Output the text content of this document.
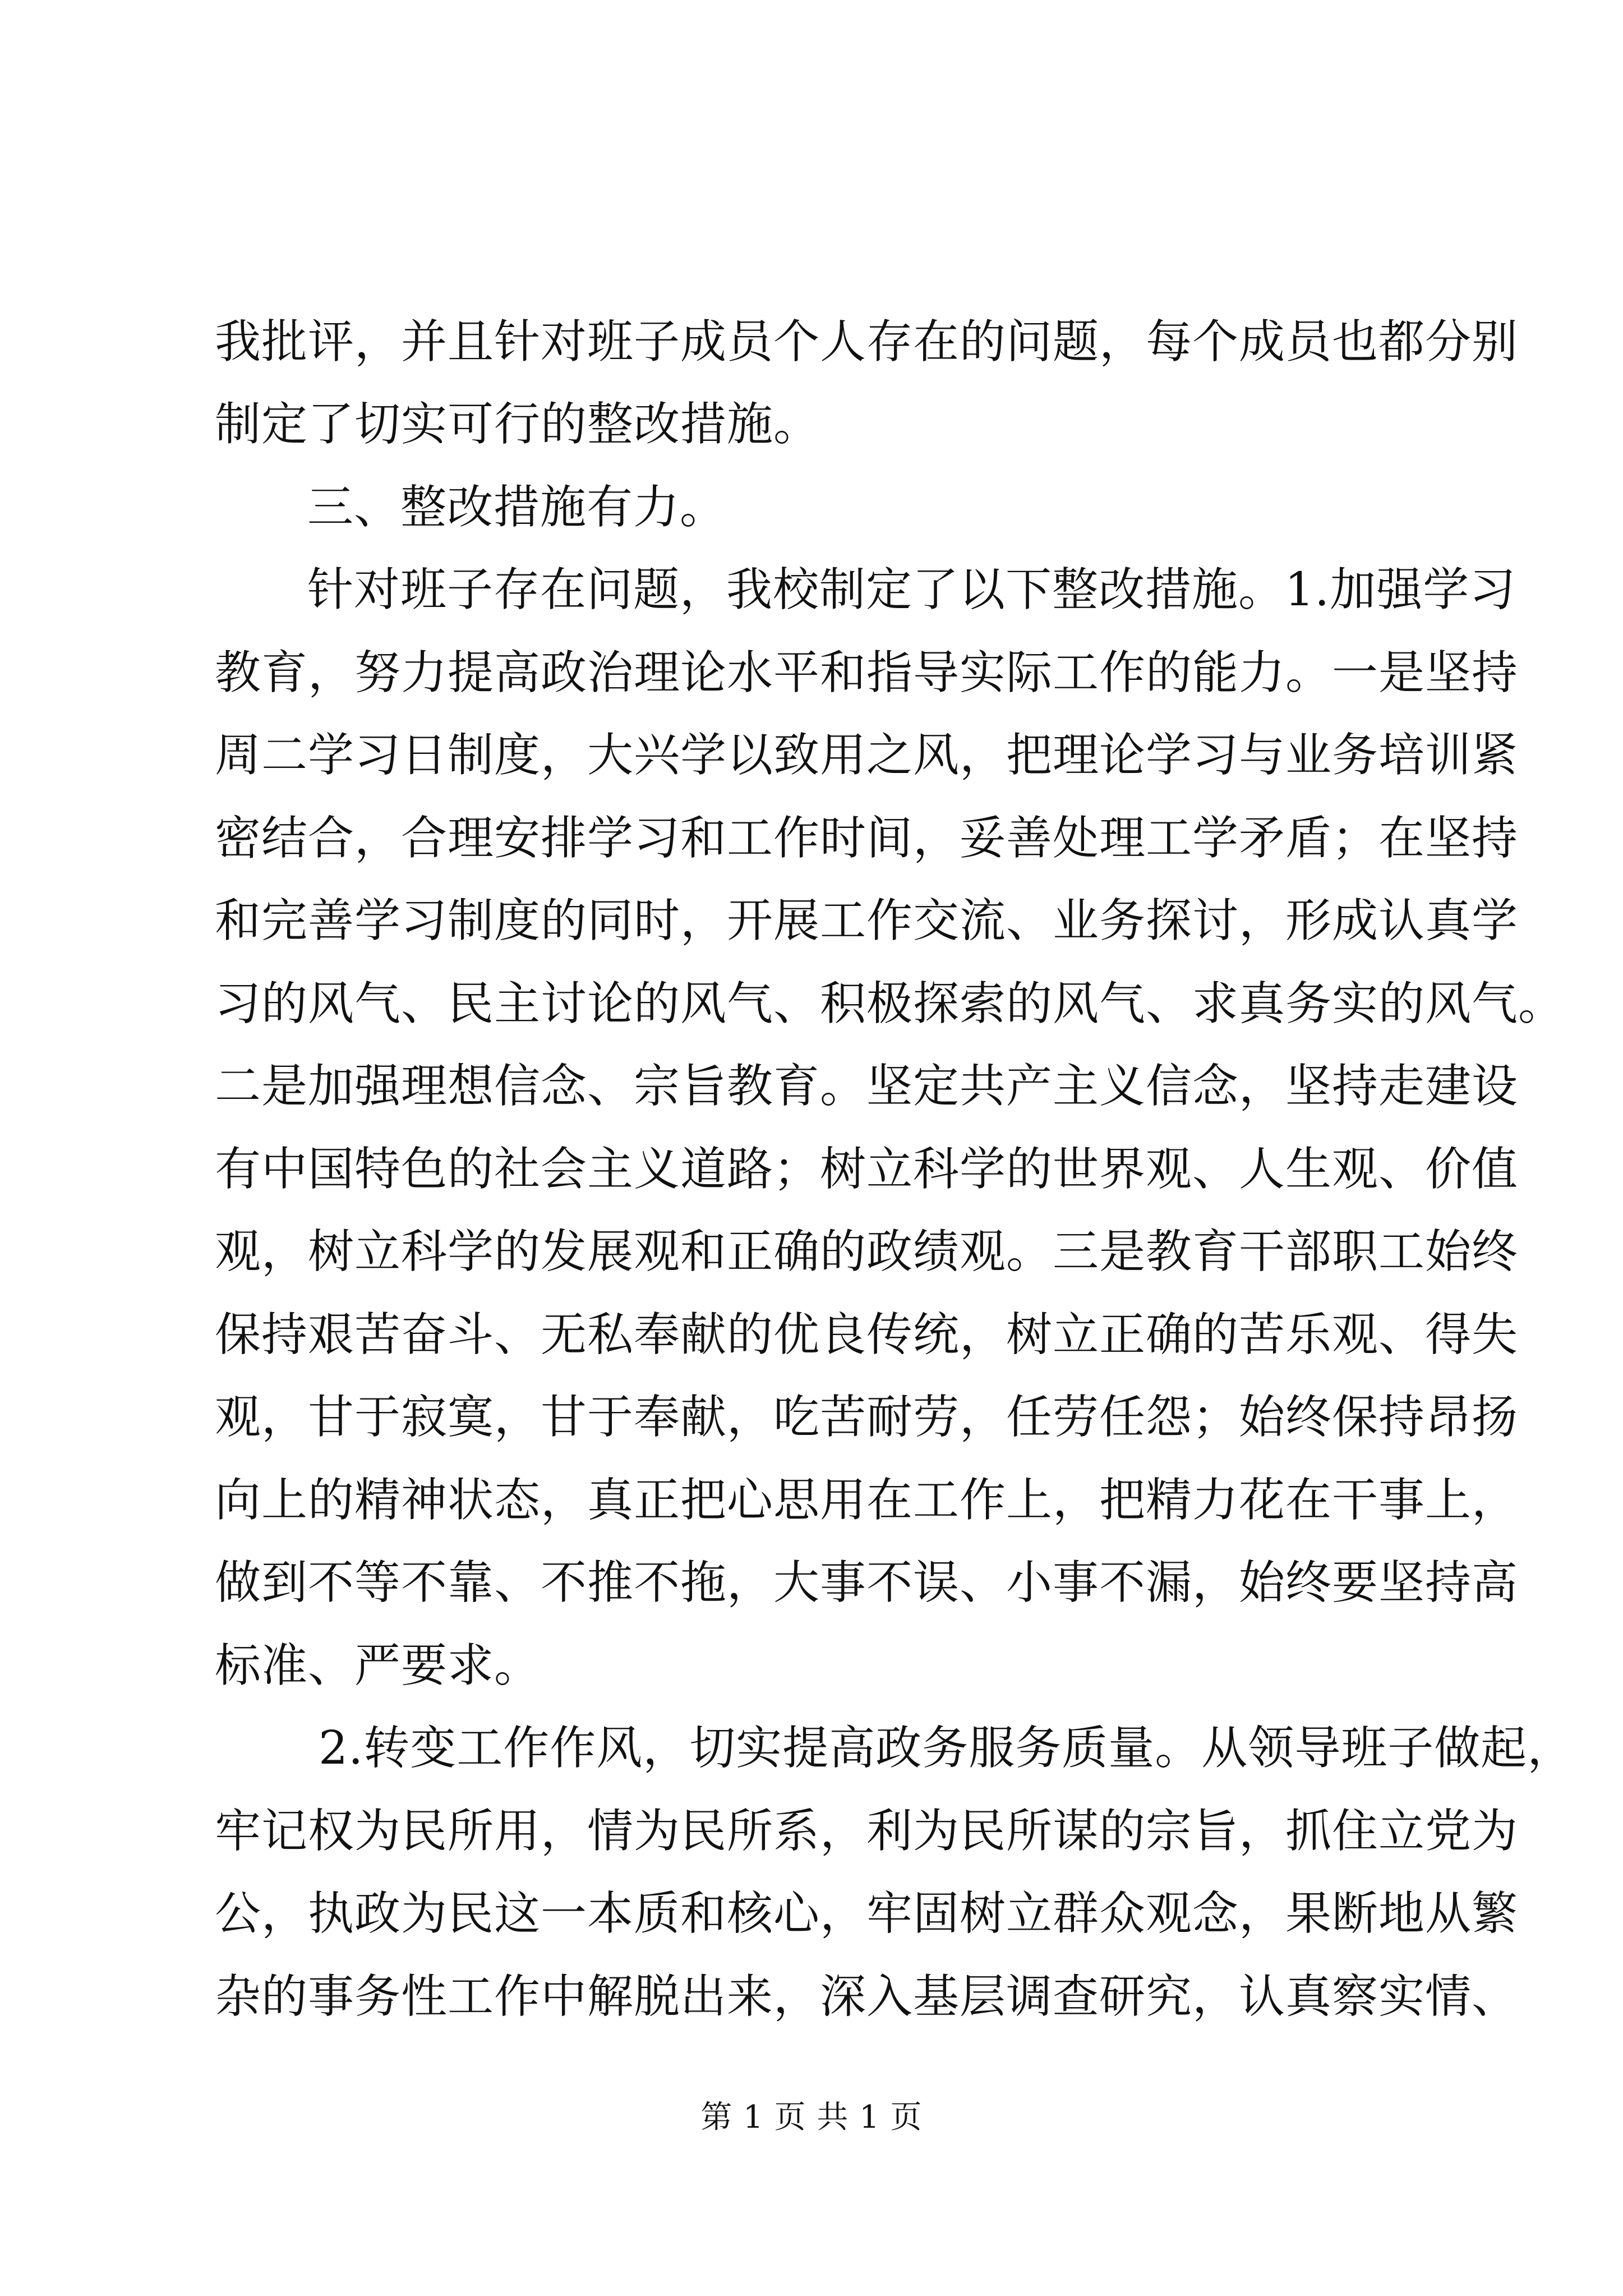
我批评，并且针对班子成员个人存在的问题，每个成员也都分别
制定了切实可行的整改措施。
三、整改措施有力。
针对班子存在问题，我校制定了以下整改措施。1.加强学习
教育，努力提高政治理论水平和指导实际工作的能力。一是坚持
周二学习日制度，大兴学以致用之风，把理论学习与业务培训紧
密结合，合理安排学习和工作时间，妥善处理工学矛盾；在坚持
和完善学习制度的同时，开展工作交流、业务探讨，形成认真学
习的风气、民主讨论的风气、积极探索的风气、求真务实的风气。
二是加强理想信念、宗旨教育。坚定共产主义信念，坚持走建设
有中国特色的社会主义道路；树立科学的世界观、人生观、价值
观，树立科学的发展观和正确的政绩观。三是教育干部职工始终
保持艰苦奋斗、无私奉献的优良传统，树立正确的苦乐观、得失
观，甘于寂寞，甘于奉献，吃苦耐劳，任劳任怨；始终保持昂扬
向上的精神状态，真正把心思用在工作上，把精力花在干事上，
做到不等不靠、不推不拖，大事不误、小事不漏，始终要坚持高
标准、严要求。
2.转变工作作风，切实提高政务服务质量。从领导班子做起，
牢记权为民所用，情为民所系，利为民所谋的宗旨，抓住立党为
公，执政为民这一本质和核心，牢固树立群众观念，果断地从繁
杂的事务性工作中解脱出来，深入基层调查研究，认真察实情、
第 1 页 共 1 页
